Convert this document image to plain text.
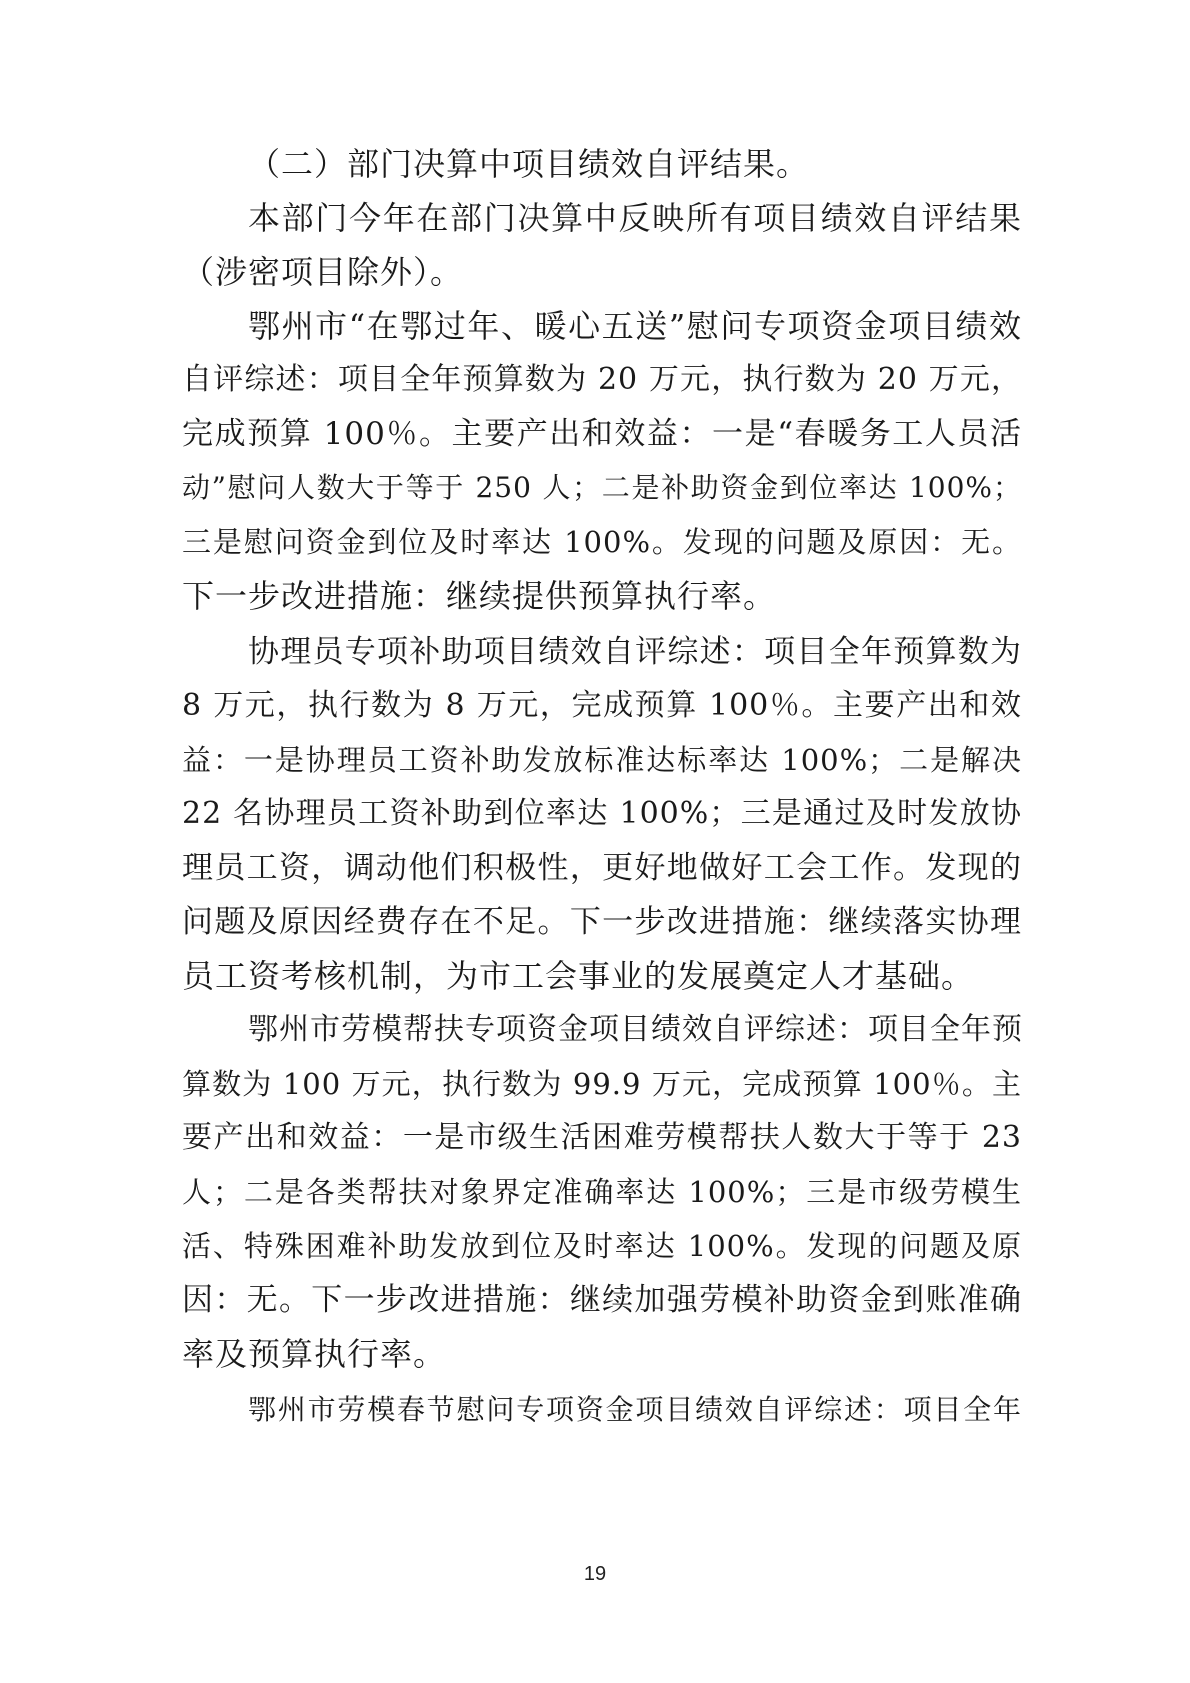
（二）部门决算中项目绩效自评结果。
本部门今年在部门决算中反映所有项目绩效自评结果
（涉密项目除外）。
鄂州市“在鄂过年、暖心五送”慰问专项资金项目绩效
自评综述：项目全年预算数为 20 万元，执行数为 20 万元，
完成预算 100％。主要产出和效益：一是“春暖务工人员活
动”慰问人数大于等于 250 人；二是补助资金到位率达 100%；
三是慰问资金到位及时率达 100%。发现的问题及原因：无。
下一步改进措施：继续提供预算执行率。
协理员专项补助项目绩效自评综述：项目全年预算数为
8 万元，执行数为 8 万元，完成预算 100％。主要产出和效
益：一是协理员工资补助发放标准达标率达 100%；二是解决
22 名协理员工资补助到位率达 100%；三是通过及时发放协
理员工资，调动他们积极性，更好地做好工会工作。发现的
问题及原因经费存在不足。下一步改进措施：继续落实协理
员工资考核机制，为市工会事业的发展奠定人才基础。
鄂州市劳模帮扶专项资金项目绩效自评综述：项目全年预
算数为 100 万元，执行数为 99.9 万元，完成预算 100％。主
要产出和效益：一是市级生活困难劳模帮扶人数大于等于 23
人；二是各类帮扶对象界定准确率达 100%；三是市级劳模生
活、特殊困难补助发放到位及时率达 100%。发现的问题及原
因：无。下一步改进措施：继续加强劳模补助资金到账准确
率及预算执行率。
鄂州市劳模春节慰问专项资金项目绩效自评综述：项目全年
19
